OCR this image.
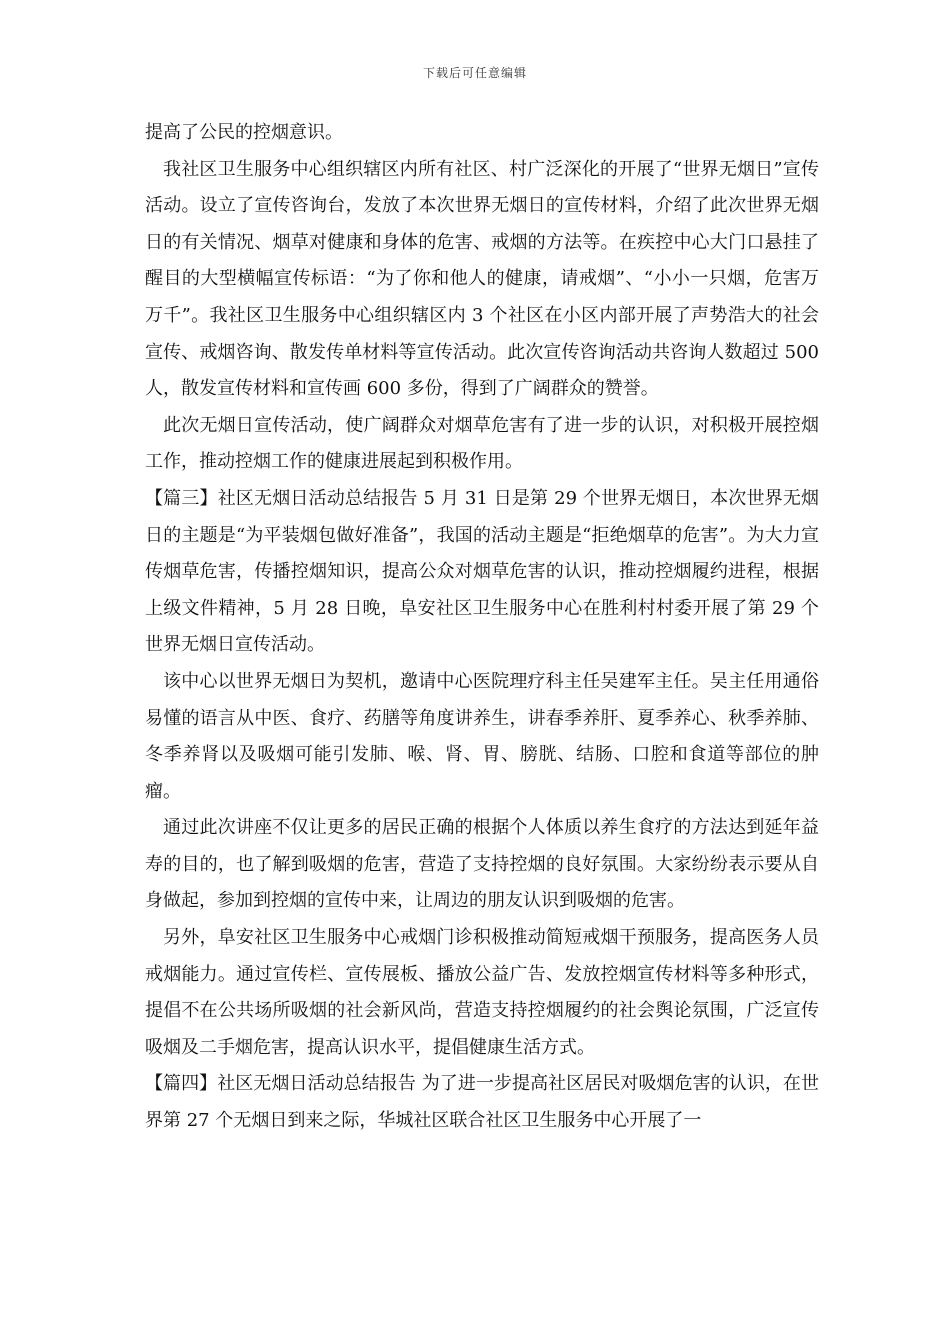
下载后可任意编辑

提高了公民的控烟意识。

我社区卫生服务中心组织辖区内所有社区、村广泛深化的开展了“世界无烟日”宣传活动。设立了宣传咨询台，发放了本次世界无烟日的宣传材料，介绍了此次世界无烟日的有关情况、烟草对健康和身体的危害、戒烟的方法等。在疾控中心大门口悬挂了醒目的大型横幅宣传标语：“为了你和他人的健康，请戒烟”、“小小一只烟，危害万万千”。我社区卫生服务中心组织辖区内 3 个社区在小区内部开展了声势浩大的社会宣传、戒烟咨询、散发传单材料等宣传活动。此次宣传咨询活动共咨询人数超过 500 人，散发宣传材料和宣传画 600 多份，得到了广阔群众的赞誉。

此次无烟日宣传活动，使广阔群众对烟草危害有了进一步的认识，对积极开展控烟工作，推动控烟工作的健康进展起到积极作用。

【篇三】社区无烟日活动总结报告 5 月 31 日是第 29 个世界无烟日，本次世界无烟日的主题是“为平装烟包做好准备”，我国的活动主题是“拒绝烟草的危害”。为大力宣传烟草危害，传播控烟知识，提高公众对烟草危害的认识，推动控烟履约进程，根据上级文件精神，5 月 28 日晚，阜安社区卫生服务中心在胜利村村委开展了第 29 个世界无烟日宣传活动。

该中心以世界无烟日为契机，邀请中心医院理疗科主任吴建军主任。吴主任用通俗易懂的语言从中医、食疗、药膳等角度讲养生，讲春季养肝、夏季养心、秋季养肺、冬季养肾以及吸烟可能引发肺、喉、肾、胃、膀胱、结肠、口腔和食道等部位的肿瘤。

通过此次讲座不仅让更多的居民正确的根据个人体质以养生食疗的方法达到延年益寿的目的，也了解到吸烟的危害，营造了支持控烟的良好氛围。大家纷纷表示要从自身做起，参加到控烟的宣传中来，让周边的朋友认识到吸烟的危害。

另外，阜安社区卫生服务中心戒烟门诊积极推动简短戒烟干预服务，提高医务人员戒烟能力。通过宣传栏、宣传展板、播放公益广告、发放控烟宣传材料等多种形式，提倡不在公共场所吸烟的社会新风尚，营造支持控烟履约的社会舆论氛围，广泛宣传吸烟及二手烟危害，提高认识水平，提倡健康生活方式。

【篇四】社区无烟日活动总结报告 为了进一步提高社区居民对吸烟危害的认识，在世界第 27 个无烟日到来之际，华城社区联合社区卫生服务中心开展了一
